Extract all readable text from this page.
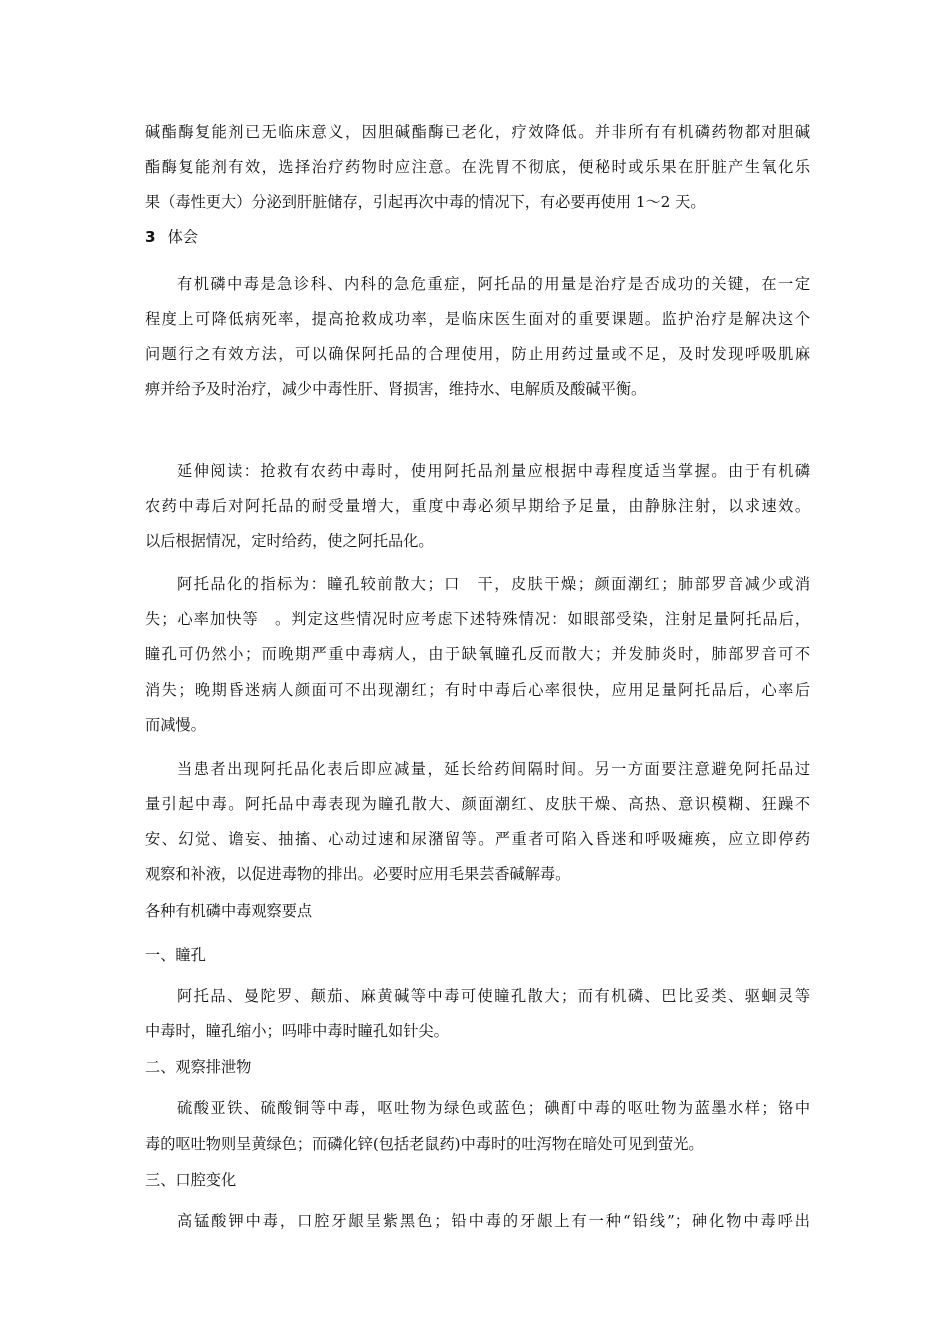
碱酯酶复能剂已无临床意义，因胆碱酯酶已老化，疗效降低。并非所有有机磷药物都对胆碱
酯酶复能剂有效，选择治疗药物时应注意。在洗胃不彻底，便秘时或乐果在肝脏产生氧化乐
果（毒性更大）分泌到肝脏储存，引起再次中毒的情况下，有必要再使用 1～2 天。
3 体会
有机磷中毒是急诊科、内科的急危重症，阿托品的用量是治疗是否成功的关键，在一定
程度上可降低病死率，提高抢救成功率，是临床医生面对的重要课题。监护治疗是解决这个
问题行之有效方法，可以确保阿托品的合理使用，防止用药过量或不足，及时发现呼吸肌麻
痹并给予及时治疗，减少中毒性肝、肾损害，维持水、电解质及酸碱平衡。
延伸阅读：抢救有农药中毒时，使用阿托品剂量应根据中毒程度适当掌握。由于有机磷
农药中毒后对阿托品的耐受量增大，重度中毒必须早期给予足量，由静脉注射，以求速效。
以后根据情况，定时给药，使之阿托品化。
阿托品化的指标为：瞳孔较前散大；口　干，皮肤干燥；颜面潮红；肺部罗音减少或消
失；心率加快等　。判定这些情况时应考虑下述特殊情况：如眼部受染，注射足量阿托品后，
瞳孔可仍然小；而晚期严重中毒病人，由于缺氧瞳孔反而散大；并发肺炎时，肺部罗音可不
消失；晚期昏迷病人颜面可不出现潮红；有时中毒后心率很快，应用足量阿托品后，心率后
而减慢。
当患者出现阿托品化表后即应减量，延长给药间隔时间。另一方面要注意避免阿托品过
量引起中毒。阿托品中毒表现为瞳孔散大、颜面潮红、皮肤干燥、高热、意识模糊、狂躁不
安、幻觉、谵妄、抽搐、心动过速和尿潴留等。严重者可陷入昏迷和呼吸瘫痪，应立即停药
观察和补液，以促进毒物的排出。必要时应用毛果芸香碱解毒。
各种有机磷中毒观察要点
一、瞳孔
阿托品、曼陀罗、颠茄、麻黄碱等中毒可使瞳孔散大；而有机磷、巴比妥类、驱蛔灵等
中毒时，瞳孔缩小；吗啡中毒时瞳孔如针尖。
二、观察排泄物
硫酸亚铁、硫酸铜等中毒，呕吐物为绿色或蓝色；碘酊中毒的呕吐物为蓝墨水样；铬中
毒的呕吐物则呈黄绿色；而磷化锌(包括老鼠药)中毒时的吐泻物在暗处可见到萤光。
三、口腔变化
高锰酸钾中毒，口腔牙龈呈紫黑色；铅中毒的牙龈上有一种“铅线”；砷化物中毒呼出
